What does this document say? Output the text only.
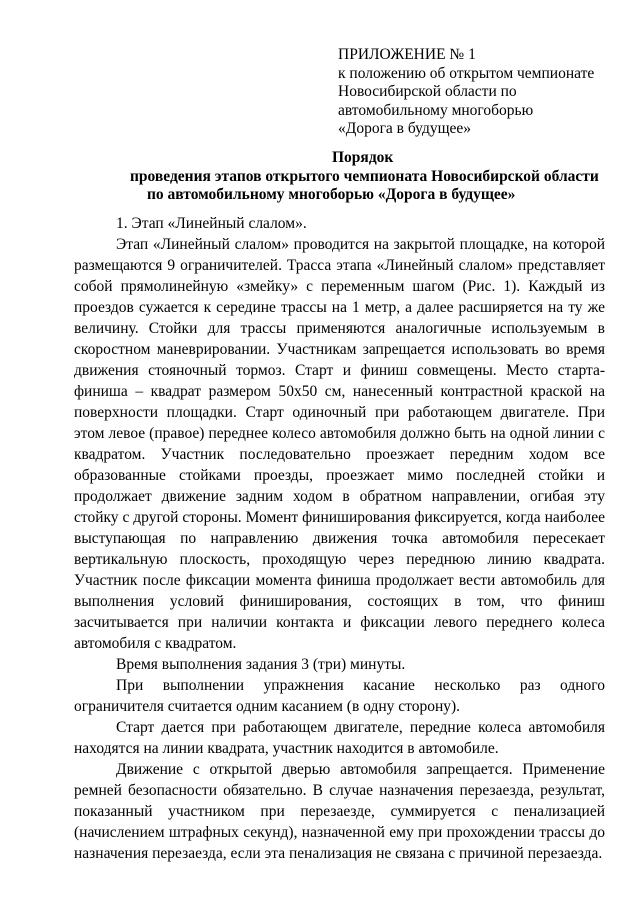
ПРИЛОЖЕНИЕ № 1
к положению об открытом чемпионате
Новосибирской области по
автомобильному многоборью
«Дорога в будущее»
Порядок
проведения этапов открытого чемпионата Новосибирской области
по автомобильному многоборью «Дорога в будущее»

1. Этап «Линейный слалом».

Этап «Линейный слалом» проводится на закрытой площадке, на которой размещаются 9 ограничителей. Трасса этапа «Линейный слалом» представляет собой прямолинейную «змейку» с переменным шагом (Рис. 1). Каждый из проездов сужается к середине трассы на 1 метр, а далее расширяется на ту же величину. Стойки для трассы применяются аналогичные используемым в скоростном маневрировании. Участникам запрещается использовать во время движения стояночный тормоз. Старт и финиш совмещены. Место старта-финиша – квадрат размером 50х50 см, нанесенный контрастной краской на поверхности площадки. Старт одиночный при работающем двигателе. При этом левое (правое) переднее колесо автомобиля должно быть на одной линии с квадратом. Участник последовательно проезжает передним ходом все образованные стойками проезды, проезжает мимо последней стойки и продолжает движение задним ходом в обратном направлении, огибая эту стойку с другой стороны. Момент финиширования фиксируется, когда наиболее выступающая по направлению движения точка автомобиля пересекает вертикальную плоскость, проходящую через переднюю линию квадрата. Участник после фиксации момента финиша продолжает вести автомобиль для выполнения условий финиширования, состоящих в том, что финиш засчитывается при наличии контакта и фиксации левого переднего колеса автомобиля с квадратом.

Время выполнения задания 3 (три) минуты.

При выполнении упражнения касание несколько раз одного ограничителя считается одним касанием (в одну сторону).

Старт дается при работающем двигателе, передние колеса автомобиля находятся на линии квадрата, участник находится в автомобиле.

Движение с открытой дверью автомобиля запрещается. Применение ремней безопасности обязательно. В случае назначения перезаезда, результат, показанный участником при перезаезде, суммируется с пенализацией (начислением штрафных секунд), назначенной ему при прохождении трассы до назначения перезаезда, если эта пенализация не связана с причиной перезаезда.
